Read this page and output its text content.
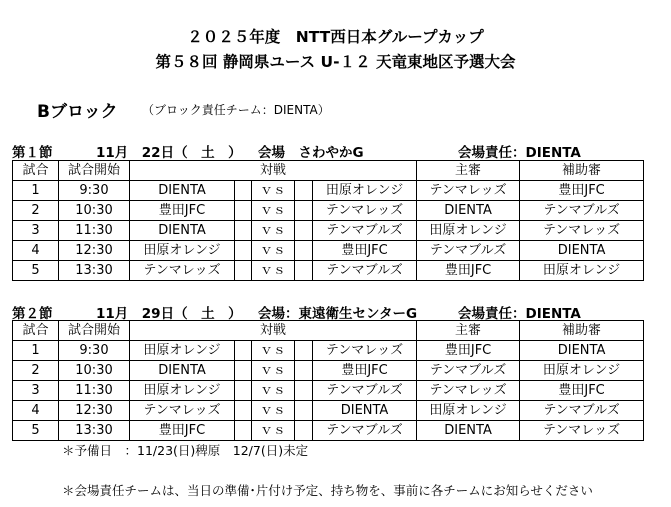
２０２５年度　NTT西日本グループカップ
第５８回 静岡県ユース U-１２ 天竜東地区予選大会
Bブロック （ブロック責任チーム：DIENTA）
第１節	11月　22日（　土　） 会場　さわやかG	会場責任：DIENTA
試合	試合開始	対戦					主審	補助審
1	9:30	DIENTA		ｖｓ		田原オレンジ	テンマレッズ	豊田JFC
2	10:30	豊田JFC		ｖｓ		テンマレッズ	DIENTA	テンマブルズ
3	11:30	DIENTA		ｖｓ		テンマブルズ	田原オレンジ	テンマレッズ
4	12:30	田原オレンジ		ｖｓ		豊田JFC	テンマブルズ	DIENTA
5	13:30	テンマレッズ		ｖｓ		テンマブルズ	豊田JFC	田原オレンジ
第２節	11月　29日（　土　） 会場：東遠衛生センターG	会場責任：DIENTA
試合	試合開始	対戦					主審	補助審
1	9:30	田原オレンジ		ｖｓ		テンマレッズ	豊田JFC	DIENTA
2	10:30	DIENTA		ｖｓ		豊田JFC	テンマブルズ	田原オレンジ
3	11:30	田原オレンジ		ｖｓ		テンマブルズ	テンマレッズ	豊田JFC
4	12:30	テンマレッズ		ｖｓ		DIENTA	田原オレンジ	テンマブルズ
5	13:30	豊田JFC		ｖｓ		テンマブルズ	DIENTA	テンマレッズ
＊予備日　：11/23(日)稗原　12/7(日)未定
＊会場責任チームは、当日の準備･片付け予定、持ち物を、事前に各チームにお知らせください
